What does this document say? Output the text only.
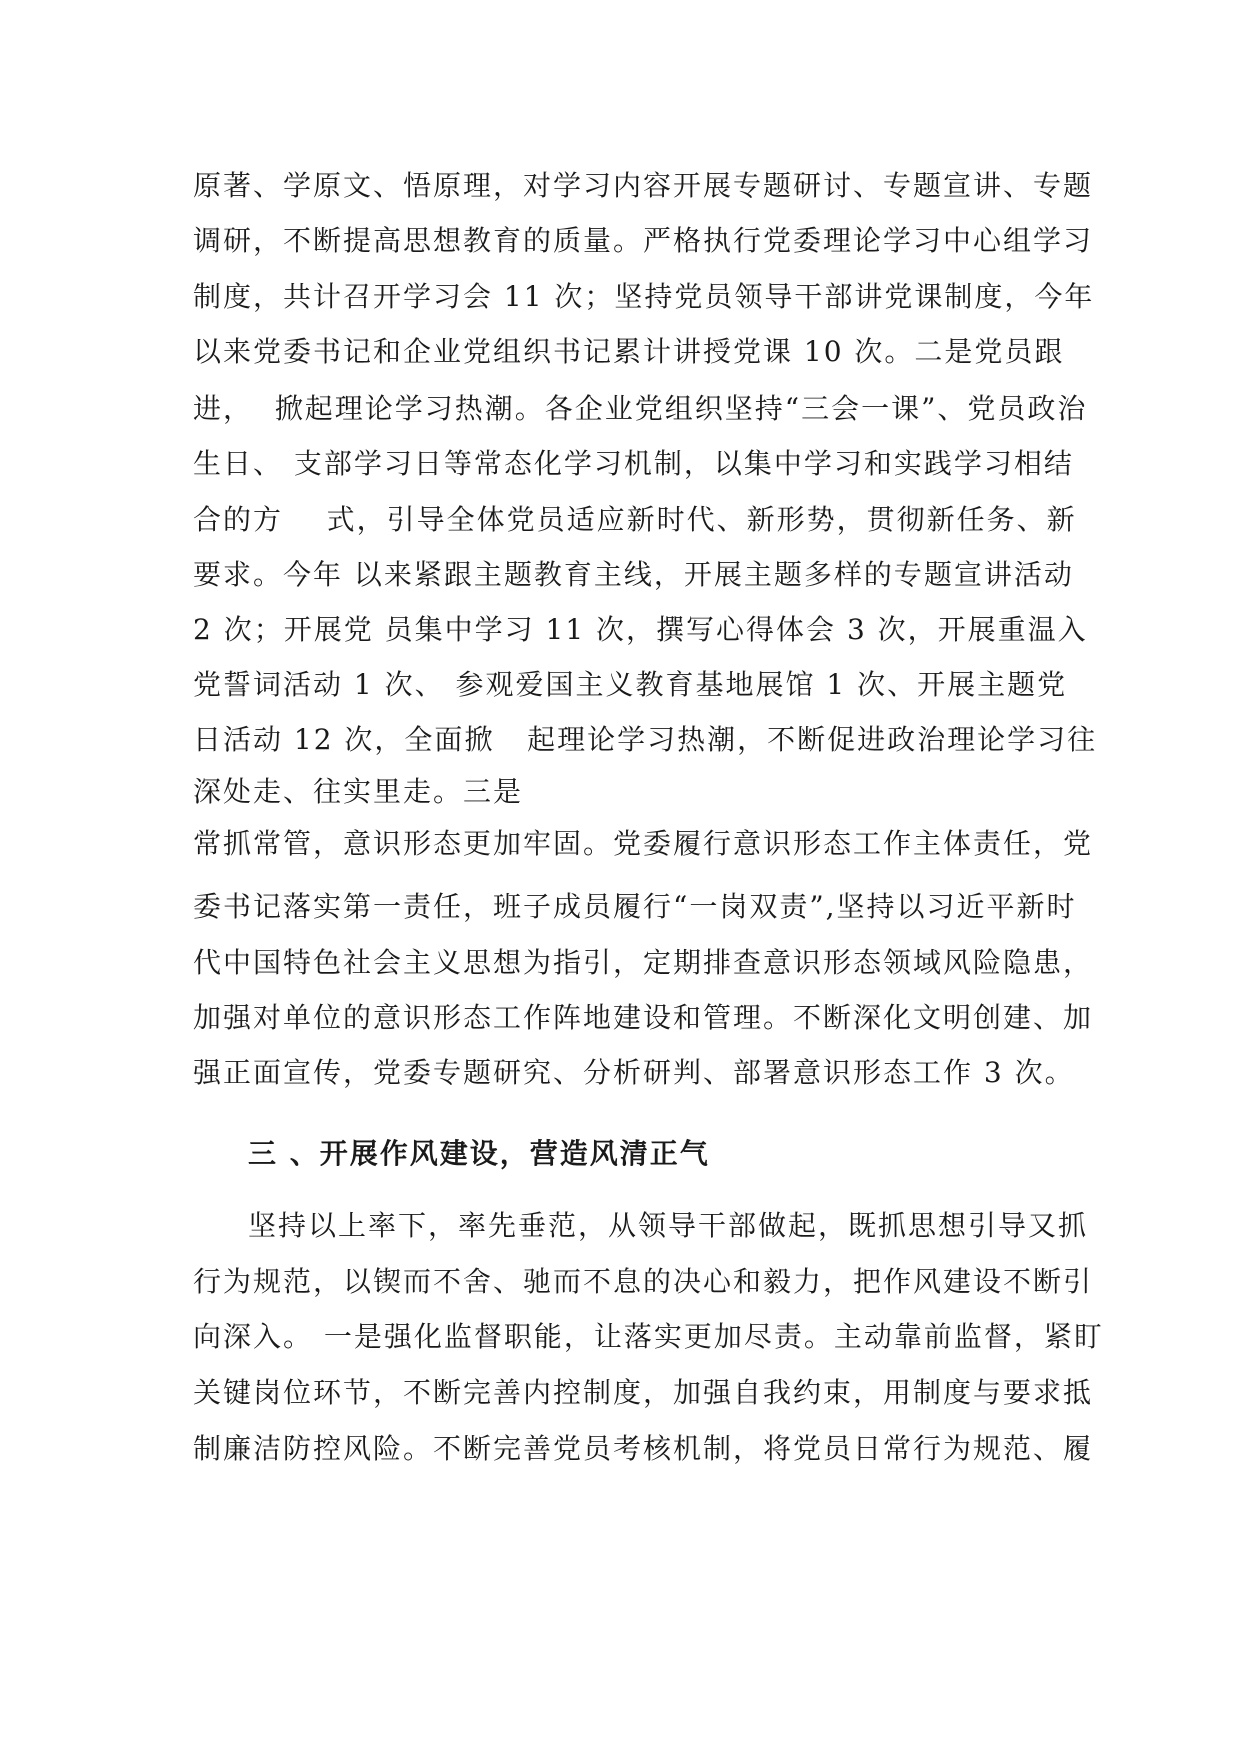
原著、学原文、悟原理，对学习内容开展专题研讨、专题宣讲、专题
调研，不断提高思想教育的质量。严格执行党委理论学习中心组学习
制度，共计召开学习会 11 次；坚持党员领导干部讲党课制度，今年
以来党委书记和企业党组织书记累计讲授党课 10 次。二是党员跟
进，  掀起理论学习热潮。各企业党组织坚持“三会一课”、党员政治
生日、 支部学习日等常态化学习机制，以集中学习和实践学习相结
合的方    式，引导全体党员适应新时代、新形势，贯彻新任务、新
要求。今年 以来紧跟主题教育主线，开展主题多样的专题宣讲活动
2 次；开展党 员集中学习 11 次，撰写心得体会 3 次，开展重温入
党誓词活动 1 次、 参观爱国主义教育基地展馆 1 次、开展主题党
日活动 12 次，全面掀   起理论学习热潮，不断促进政治理论学习往
深处走、往实里走。三是
常抓常管，意识形态更加牢固。党委履行意识形态工作主体责任，党
委书记落实第一责任，班子成员履行“一岗双责”,坚持以习近平新时
代中国特色社会主义思想为指引，定期排查意识形态领域风险隐患，
加强对单位的意识形态工作阵地建设和管理。不断深化文明创建、加
强正面宣传，党委专题研究、分析研判、部署意识形态工作 3 次。
三 、开展作风建设，营造风清正气
坚持以上率下，率先垂范，从领导干部做起，既抓思想引导又抓
行为规范，以锲而不舍、驰而不息的决心和毅力，把作风建设不断引
向深入。 一是强化监督职能，让落实更加尽责。主动靠前监督，紧盯
关键岗位环节，不断完善内控制度，加强自我约束，用制度与要求抵
制廉洁防控风险。不断完善党员考核机制，将党员日常行为规范、履
